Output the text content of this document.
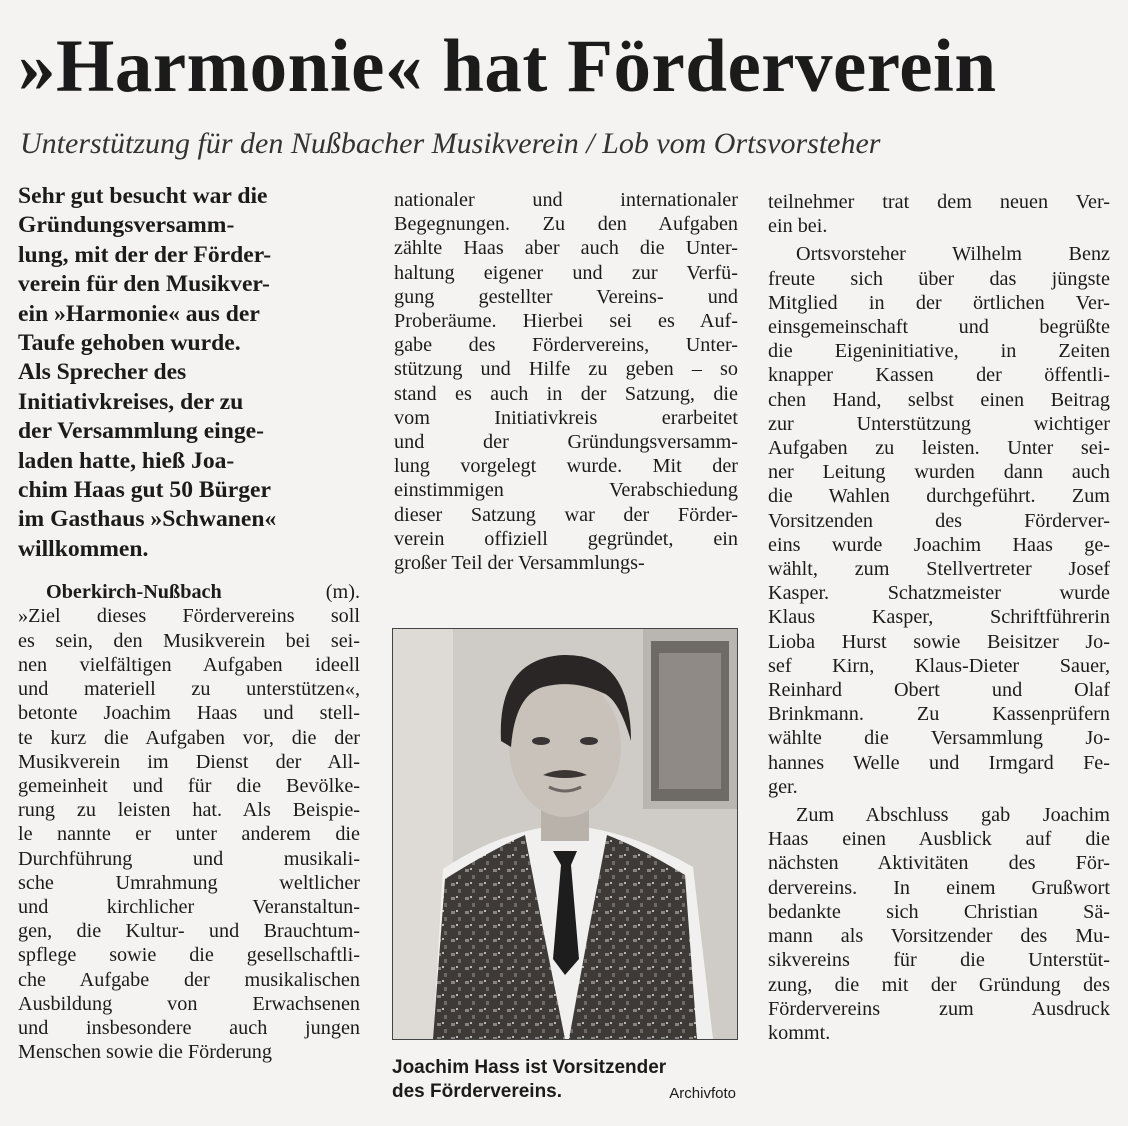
»Harmonie« hat Förderverein

Unterstützung für den Nußbacher Musikverein / Lob vom Ortsvorsteher

Sehr gut besucht war die
Gründungsversamm-
lung, mit der der Förder-
verein für den Musikver-
ein »Harmonie« aus der
Taufe gehoben wurde.
Als Sprecher des
Initiativkreises, der zu
der Versammlung einge-
laden hatte, hieß Joa-
chim Haas gut 50 Bürger
im Gasthaus »Schwanen«
willkommen.
Oberkirch-Nußbach	(m).
»Ziel dieses Fördervereins soll
es sein, den Musikverein bei sei-
nen vielfältigen Aufgaben ideell
und materiell zu unterstützen«,
betonte Joachim Haas und stell-
te kurz die Aufgaben vor, die der
Musikverein im Dienst der All-
gemeinheit und für die Bevölke-
rung zu leisten hat. Als Beispie-
le nannte er unter anderem die
Durchführung und musikali-
sche Umrahmung weltlicher
und kirchlicher Veranstaltun-
gen, die Kultur- und Brauchtum-
spflege sowie die gesellschaftli-
che Aufgabe der musikalischen
Ausbildung von Erwachsenen
und insbesondere auch jungen
Menschen sowie die Förderung
nationaler und internationaler
Begegnungen. Zu den Aufgaben
zählte Haas aber auch die Unter-
haltung eigener und zur Verfü-
gung gestellter Vereins- und
Proberäume. Hierbei sei es Auf-
gabe des Fördervereins, Unter-
stützung und Hilfe zu geben – so
stand es auch in der Satzung, die
vom Initiativkreis erarbeitet
und der Gründungsversamm-
lung vorgelegt wurde. Mit der
einstimmigen Verabschiedung
dieser Satzung war der Förder-
verein offiziell gegründet, ein
großer Teil der Versammlungs-
Joachim Hass ist Vorsitzender
des Fördervereins.	Archivfoto
teilnehmer trat dem neuen Ver-
ein bei.
Ortsvorsteher Wilhelm Benz
freute sich über das jüngste
Mitglied in der örtlichen Ver-
einsgemeinschaft und begrüßte
die Eigeninitiative, in Zeiten
knapper Kassen der öffentli-
chen Hand, selbst einen Beitrag
zur Unterstützung wichtiger
Aufgaben zu leisten. Unter sei-
ner Leitung wurden dann auch
die Wahlen durchgeführt. Zum
Vorsitzenden des Förderver-
eins wurde Joachim Haas ge-
wählt, zum Stellvertreter Josef
Kasper. Schatzmeister wurde
Klaus Kasper, Schriftführerin
Lioba Hurst sowie Beisitzer Jo-
sef Kirn, Klaus-Dieter Sauer,
Reinhard Obert und Olaf
Brinkmann. Zu Kassenprüfern
wählte die Versammlung Jo-
hannes Welle und Irmgard Fe-
ger.
Zum Abschluss gab Joachim
Haas einen Ausblick auf die
nächsten Aktivitäten des För-
dervereins. In einem Grußwort
bedankte sich Christian Sä-
mann als Vorsitzender des Mu-
sikvereins für die Unterstüt-
zung, die mit der Gründung des
Fördervereins zum Ausdruck
kommt.
